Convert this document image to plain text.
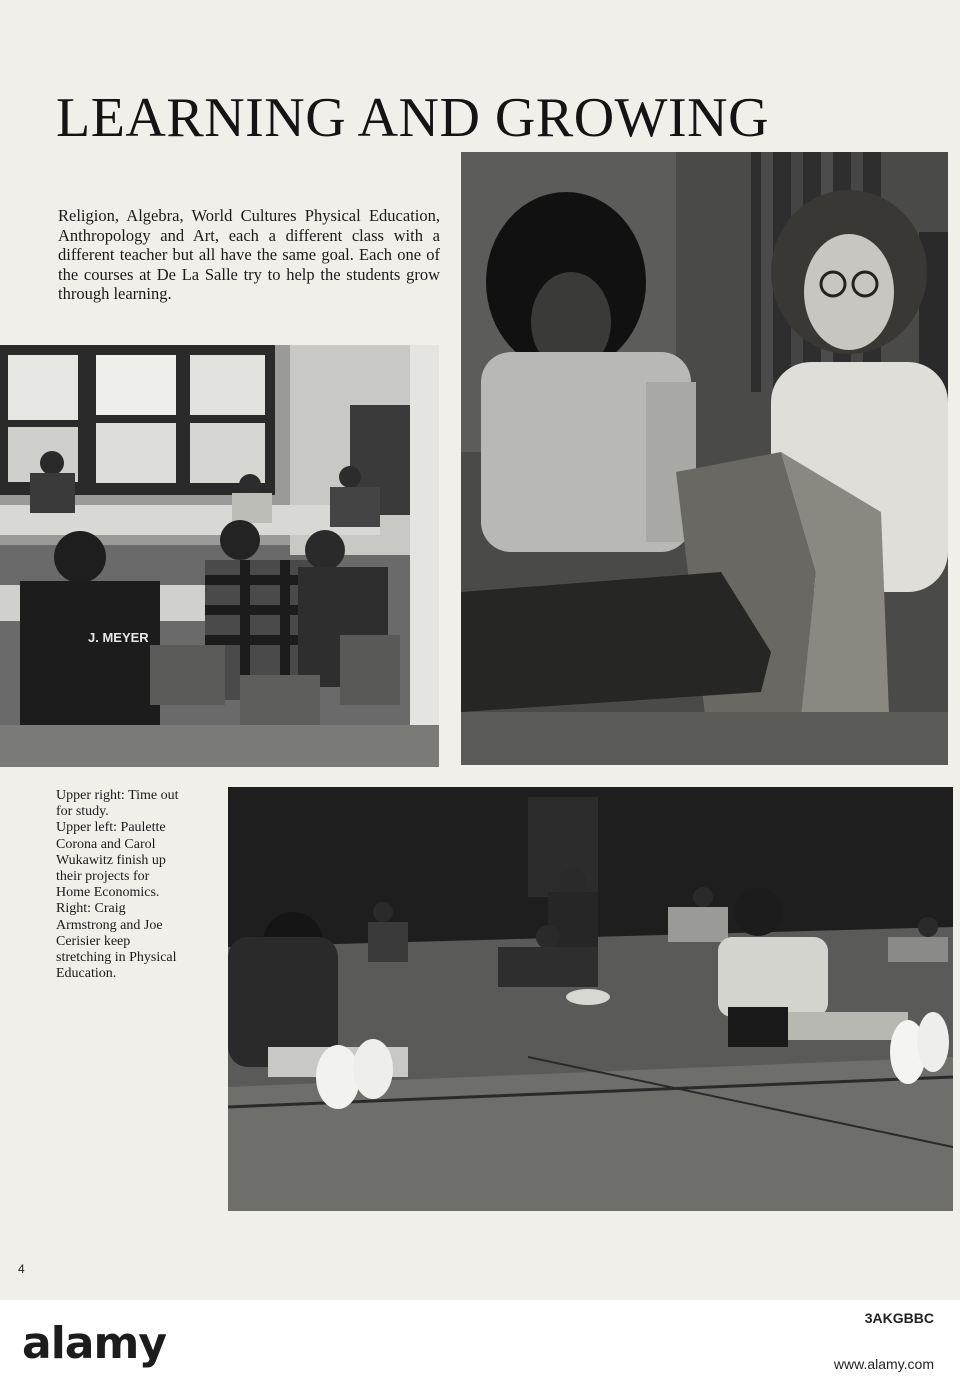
LEARNING AND GROWING

Religion, Algebra, World Cultures Physical Education, Anthropology and Art, each a different class with a different teacher but all have the same goal. Each one of the courses at De La Salle try to help the students grow through learning.

J. MEYER
Upper right: Time out
for study.
Upper left: Paulette
Corona and Carol
Wukawitz finish up
their projects for
Home Economics.
Right: Craig
Armstrong and Joe
Cerisier keep
stretching in Physical
Education.
4
alamy	3AKGBBC
www.alamy.com
